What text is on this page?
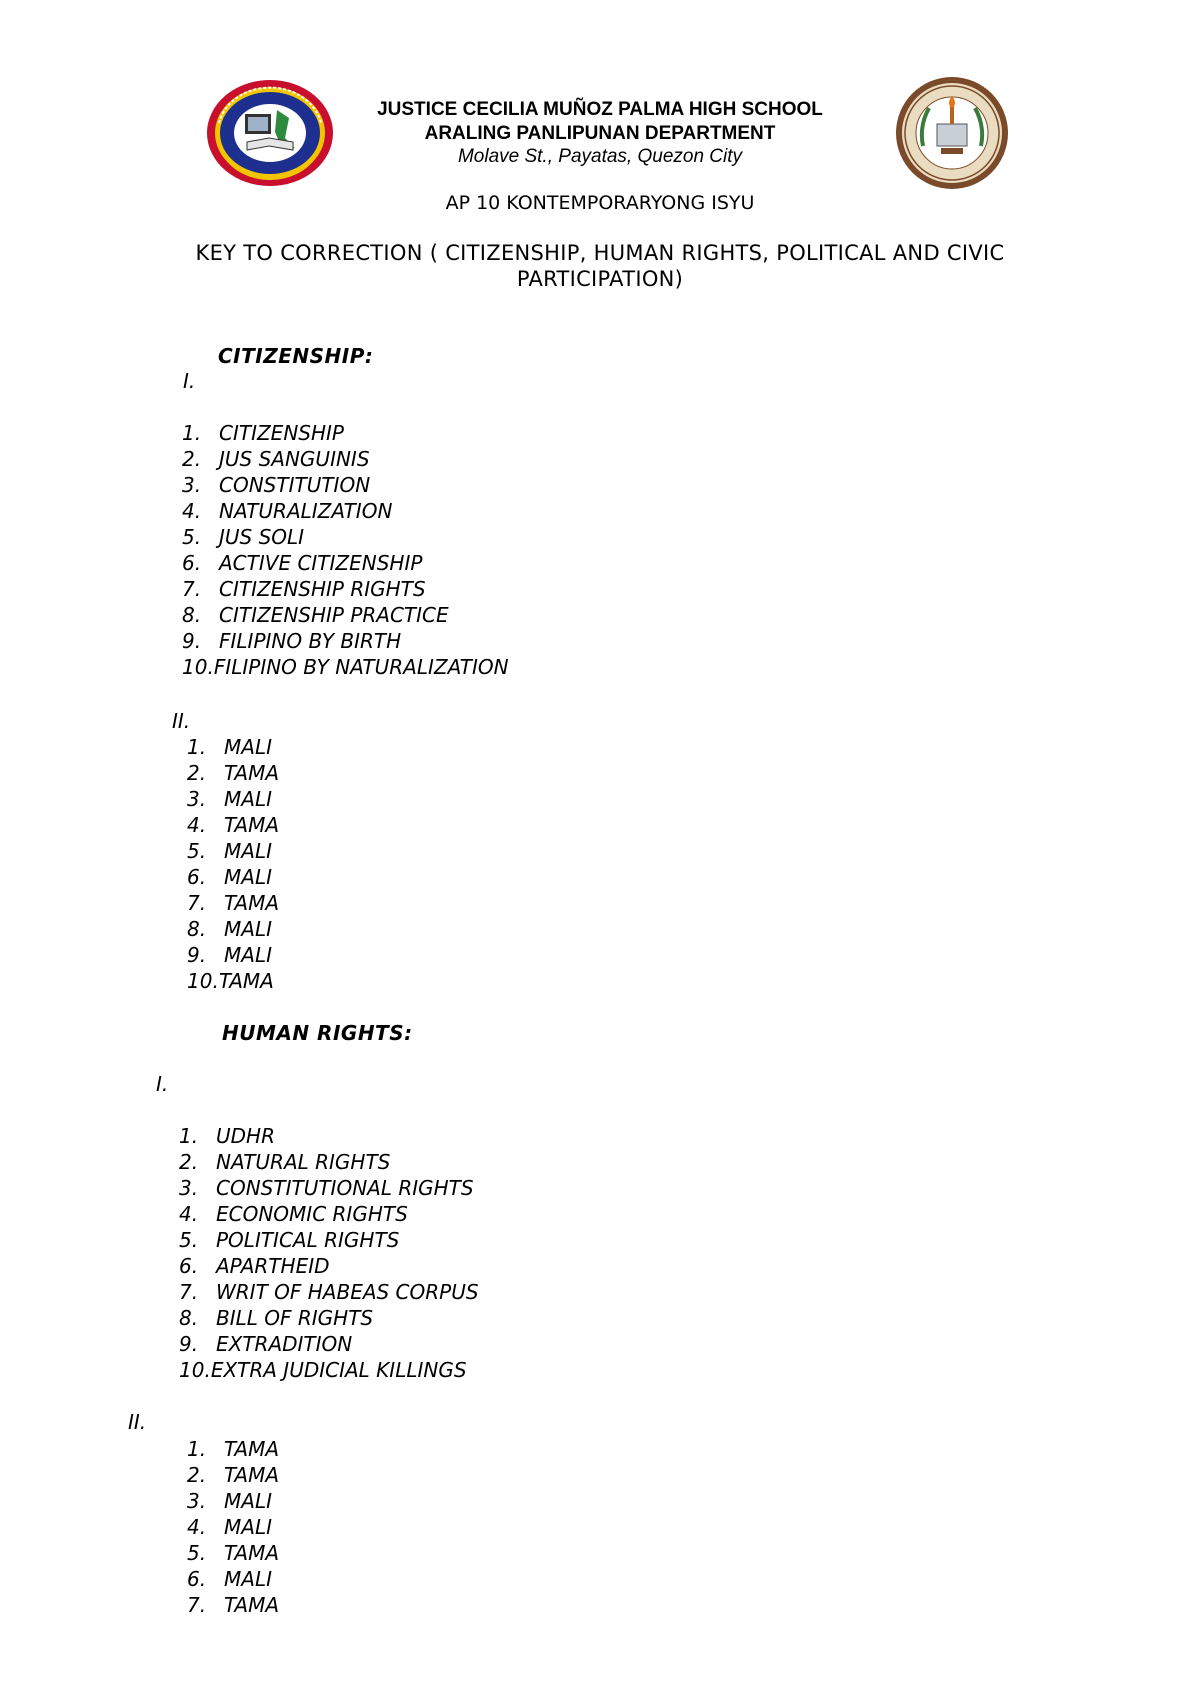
JUSTICE CECILIA MUÑOZ PALMA HIGH SCHOOL
ARALING PANLIPUNAN DEPARTMENT
Molave St., Payatas, Quezon City
AP 10 KONTEMPORARYONG ISYU
KEY TO CORRECTION ( CITIZENSHIP, HUMAN RIGHTS, POLITICAL AND CIVIC PARTICIPATION)
CITIZENSHIP:
I.
1. CITIZENSHIP
2. JUS SANGUINIS
3. CONSTITUTION
4. NATURALIZATION
5. JUS SOLI
6. ACTIVE CITIZENSHIP
7. CITIZENSHIP RIGHTS
8. CITIZENSHIP PRACTICE
9. FILIPINO BY BIRTH
10.FILIPINO BY NATURALIZATION
II.
1. MALI
2. TAMA
3. MALI
4. TAMA
5. MALI
6. MALI
7. TAMA
8. MALI
9. MALI
10.TAMA
HUMAN RIGHTS:
I.
1. UDHR
2. NATURAL RIGHTS
3. CONSTITUTIONAL RIGHTS
4. ECONOMIC RIGHTS
5. POLITICAL RIGHTS
6. APARTHEID
7. WRIT OF HABEAS CORPUS
8. BILL OF RIGHTS
9. EXTRADITION
10.EXTRA JUDICIAL KILLINGS
II.
1. TAMA
2. TAMA
3. MALI
4. MALI
5. TAMA
6. MALI
7. TAMA
